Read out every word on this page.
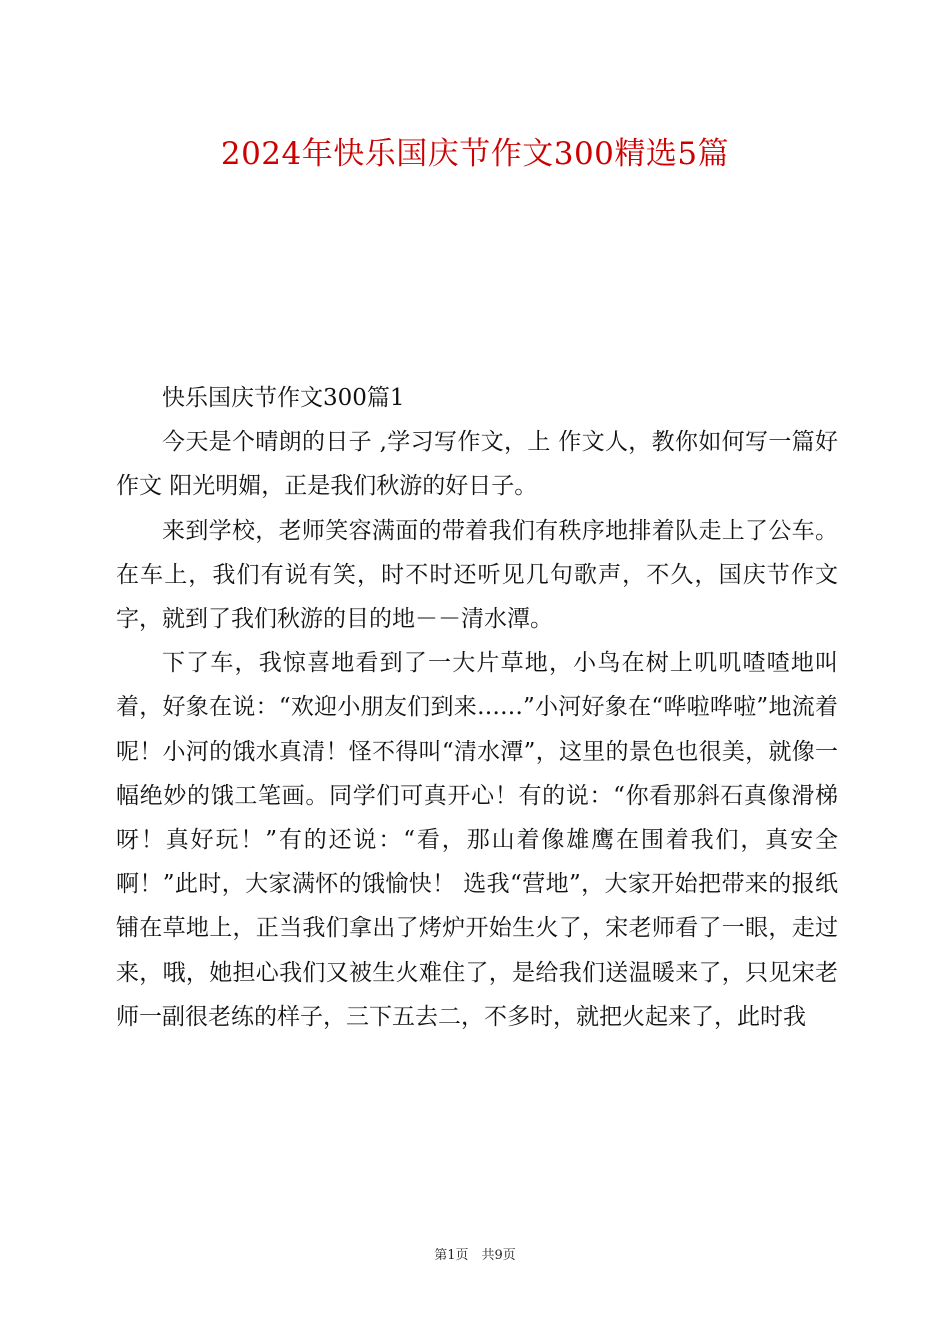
2024年快乐国庆节作文300精选5篇

快乐国庆节作文300篇1

今天是个晴朗的日子 ,学习写作文，上 作文人，教你如何写一篇好作文 阳光明媚，正是我们秋游的好日子。

来到学校，老师笑容满面的带着我们有秩序地排着队走上了公车。在车上，我们有说有笑，时不时还听见几句歌声，不久，国庆节作文字，就到了我们秋游的目的地－－清水潭。

下了车，我惊喜地看到了一大片草地，小鸟在树上叽叽喳喳地叫着，好象在说：“欢迎小朋友们到来……”小河好象在“哗啦哗啦”地流着呢！小河的饿水真清！怪不得叫“清水潭”，这里的景色也很美，就像一幅绝妙的饿工笔画。同学们可真开心！有的说：“你看那斜石真像滑梯呀！真好玩！”有的还说：“看，那山着像雄鹰在围着我们，真安全啊！”此时，大家满怀的饿愉快！ 选我“营地”，大家开始把带来的报纸铺在草地上，正当我们拿出了烤炉开始生火了，宋老师看了一眼，走过来，哦，她担心我们又被生火难住了，是给我们送温暖来了，只见宋老师一副很老练的样子，三下五去二，不多时，就把火起来了，此时我

第1页　共9页
